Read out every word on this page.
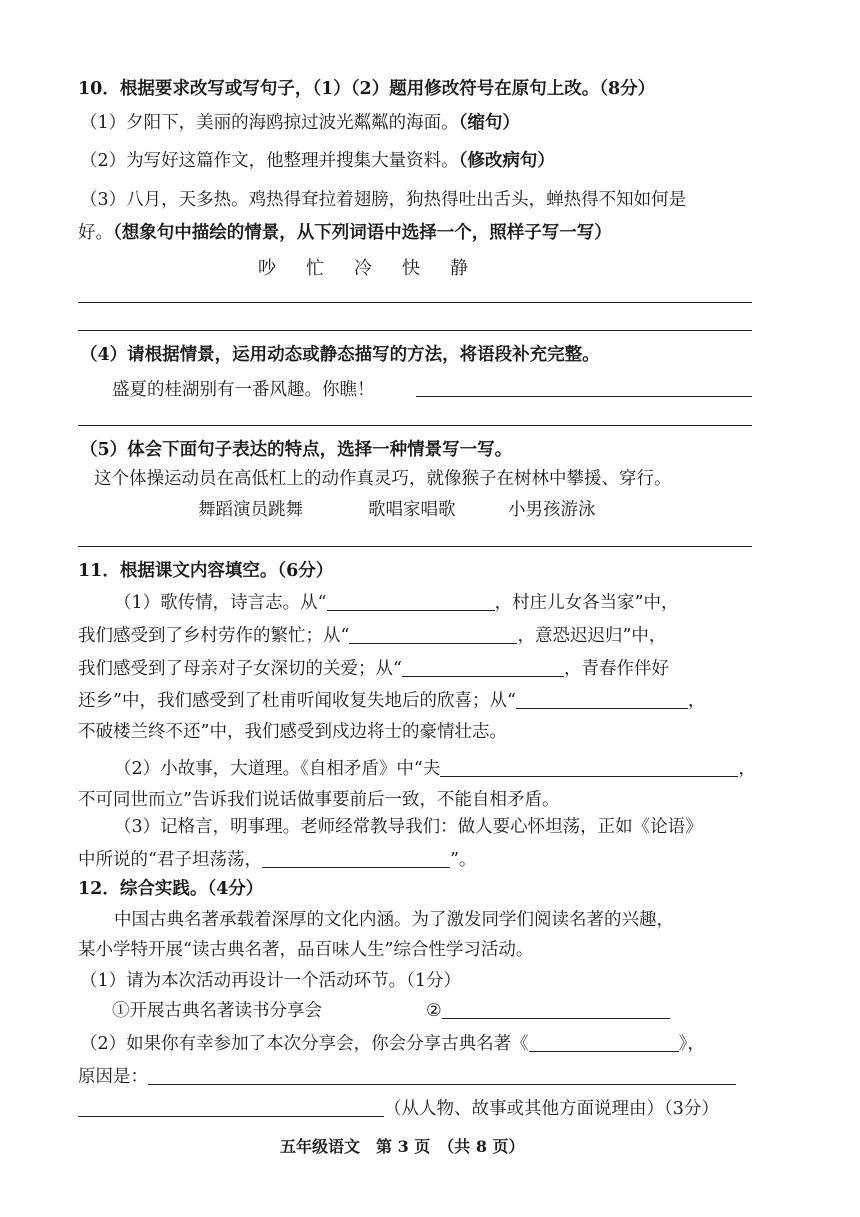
10．根据要求改写或写句子，（1）（2）题用修改符号在原句上改。（8分）
（1）夕阳下，美丽的海鸥掠过波光粼粼的海面。（缩句）
（2）为写好这篇作文，他整理并搜集大量资料。（修改病句）
（3）八月，天多热。鸡热得耷拉着翅膀，狗热得吐出舌头，蝉热得不知如何是
好。（想象句中描绘的情景，从下列词语中选择一个，照样子写一写）
吵 忙 冷 快 静
（4）请根据情景，运用动态或静态描写的方法，将语段补充完整。
盛夏的桂湖别有一番风趣。你瞧！
（5）体会下面句子表达的特点，选择一种情景写一写。
这个体操运动员在高低杠上的动作真灵巧，就像猴子在树林中攀援、穿行。
舞蹈演员跳舞	歌唱家唱歌	小男孩游泳
11．根据课文内容填空。（6分）
（1）歌传情，诗言志。从“	，村庄儿女各当家”中，
我们感受到了乡村劳作的繁忙；从“	，意恐迟迟归”中，
我们感受到了母亲对子女深切的关爱；从“	，青春作伴好
还乡”中，我们感受到了杜甫听闻收复失地后的欣喜；从“	，
不破楼兰终不还”中，我们感受到戍边将士的豪情壮志。
（2）小故事，大道理。《自相矛盾》中“夫	，
不可同世而立”告诉我们说话做事要前后一致，不能自相矛盾。
（3）记格言，明事理。老师经常教导我们：做人要心怀坦荡，正如《论语》
中所说的“君子坦荡荡，	”。
12．综合实践。（4分）
中国古典名著承载着深厚的文化内涵。为了激发同学们阅读名著的兴趣，
某小学特开展“读古典名著，品百味人生”综合性学习活动。
（1）请为本次活动再设计一个活动环节。（1分）
①开展古典名著读书分享会	②
（2）如果你有幸参加了本次分享会，你会分享古典名著《	》，
原因是：
（从人物、故事或其他方面说理由）（3分）
五年级语文　第 3 页　（共 8 页）
